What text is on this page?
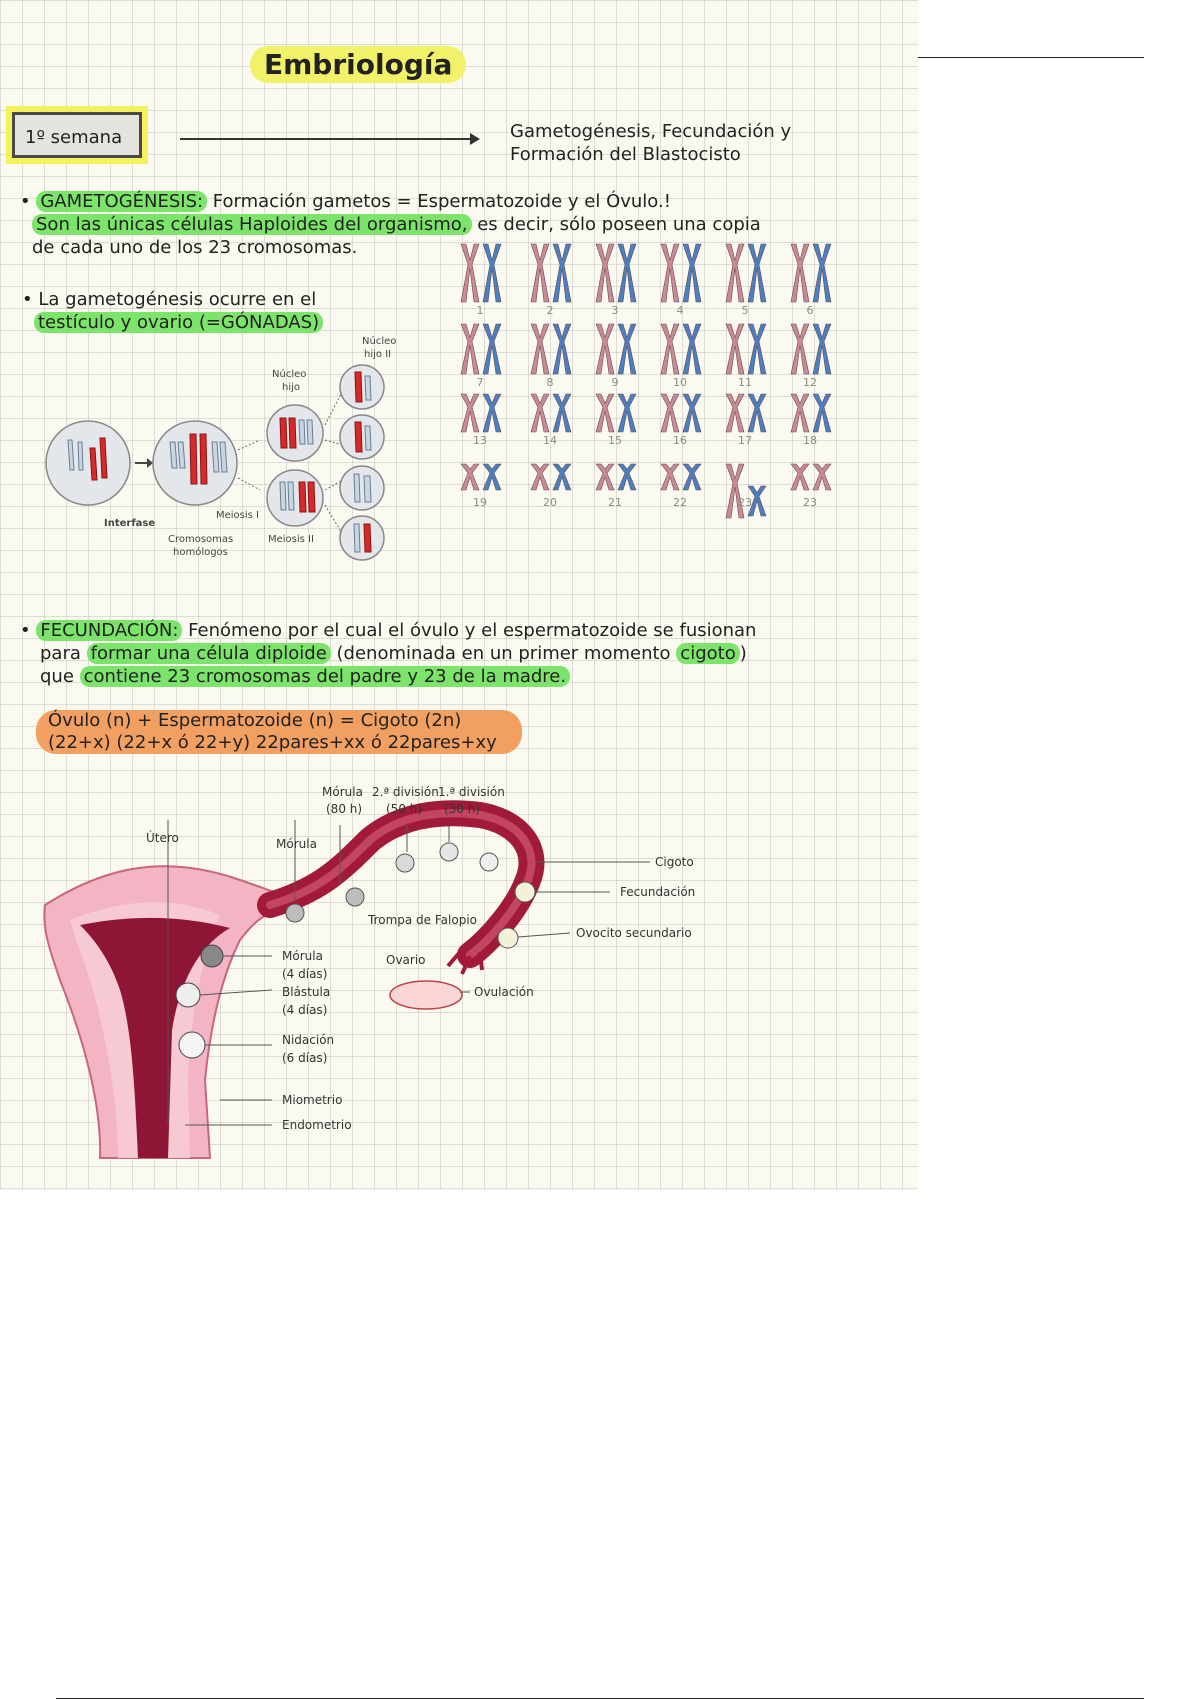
Embriología
1º semana	Gametogénesis, Fecundación y
Formación del Blastocisto
• GAMETOGÉNESIS: Formación gametos = Espermatozoide y el Óvulo.!
Son las únicas células Haploides del organismo, es decir, sólo poseen una copia
de cada uno de los 23 cromosomas.
• La gametogénesis ocurre en el
testículo y ovario (=GÓNADAS)
Interfase
Cromosomas
homólogos
Meiosis I
Meiosis II
Núcleo
hijo
Núcleo
hijo II
1	2	3	4	5	6
7	8	9	10	11	12
13	14	15	16	17	18
19	20	21	22	23	23
• FECUNDACIÓN: Fenómeno por el cual el óvulo y el espermatozoide se fusionan
para formar una célula diploide (denominada en un primer momento cigoto )
que contiene 23 cromosomas del padre y 23 de la madre.
Óvulo (n) + Espermatozoide (n) = Cigoto (2n)
(22+x) (22+x ó 22+y) 22pares+xx ó 22pares+xy
Mórula
(80 h)
2.ª división
(50 h)
1.ª división
(30 h)
Útero	Mórula
Cigoto
Fecundación
Trompa de Falopio
Ovocito secundario
Ovario
Ovulación
Mórula
(4 días)
Blástula
(4 días)
Nidación
(6 días)
Miometrio
Endometrio
